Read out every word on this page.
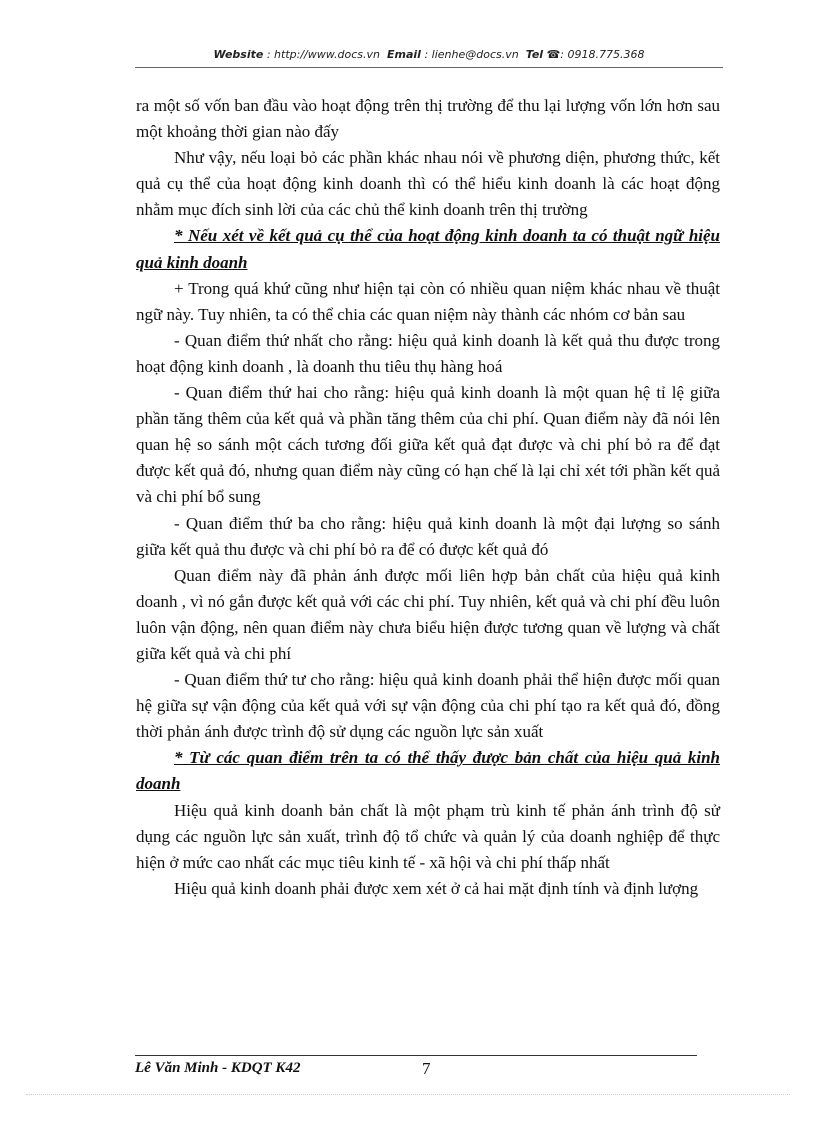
Website : http://www.docs.vn Email : lienhe@docs.vn Tel ☎: 0918.775.368

ra một số vốn ban đầu vào hoạt động trên thị trường để thu lại lượng vốn lớn hơn sau một khoảng thời gian nào đấy

Như vậy, nếu loại bỏ các phần khác nhau nói về phương diện, phương thức, kết quả cụ thể của hoạt động kinh doanh thì có thể hiểu kinh doanh là các hoạt động nhằm mục đích sinh lời của các chủ thể kinh doanh trên thị trường

* Nếu xét về kết quả cụ thể của hoạt động kinh doanh ta có thuật ngữ hiệu quả kinh doanh

+ Trong quá khứ cũng như hiện tại còn có nhiều quan niệm khác nhau về thuật ngữ này. Tuy nhiên, ta có thể chia các quan niệm này thành các nhóm cơ bản sau

- Quan điểm thứ nhất cho rằng: hiệu quả kinh doanh là kết quả thu được trong hoạt động kinh doanh , là doanh thu tiêu thụ hàng hoá

- Quan điểm thứ hai cho rằng: hiệu quả kinh doanh là một quan hệ tỉ lệ giữa phần tăng thêm của kết quả và phần tăng thêm của chi phí. Quan điểm này đã nói lên quan hệ so sánh một cách tương đối giữa kết quả đạt được và chi phí bỏ ra để đạt được kết quả đó, nhưng quan điểm này cũng có hạn chế là lại chỉ xét tới phần kết quả và chi phí bổ sung

- Quan điểm thứ ba cho rằng: hiệu quả kinh doanh là một đại lượng so sánh giữa kết quả thu được và chi phí bỏ ra để có được kết quả đó

Quan điểm này đã phản ánh được mối liên hợp bản chất của hiệu quả kinh doanh , vì nó gắn được kết quả với các chi phí. Tuy nhiên, kết quả và chi phí đều luôn luôn vận động, nên quan điểm này chưa biểu hiện được tương quan về lượng và chất giữa kết quả và chi phí

- Quan điểm thứ tư cho rằng: hiệu quả kinh doanh phải thể hiện được mối quan hệ giữa sự vận động của kết quả với sự vận động của chi phí tạo ra kết quả đó, đồng thời phản ánh được trình độ sử dụng các nguồn lực sản xuất

* Từ các quan điểm trên ta có thể thấy được bản chất của hiệu quả kinh doanh

Hiệu quả kinh doanh bản chất là một phạm trù kinh tế phản ánh trình độ sử dụng các nguồn lực sản xuất, trình độ tổ chức và quản lý của doanh nghiệp để thực hiện ở mức cao nhất các mục tiêu kinh tế - xã hội và chi phí thấp nhất

Hiệu quả kinh doanh phải được xem xét ở cả hai mặt định tính và định lượng

Lê Văn Minh - KDQT K42	7
